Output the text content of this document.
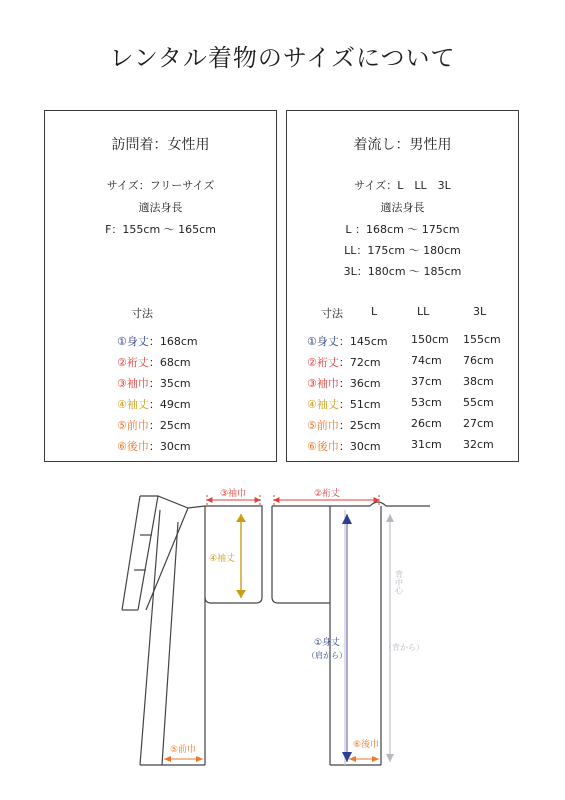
レンタル着物のサイズについて
訪問着：女性用
サイズ：フリーサイズ
適法身長
F：155cm 〜 165cm
寸法
①身丈：168cm
②裄丈：68cm
③袖巾：35cm
④袖丈：49cm
⑤前巾：25cm
⑥後巾：30cm
着流し：男性用
サイズ：L　LL　3L
適法身長
L ：168cm 〜 175cm
LL：175cm 〜 180cm
3L：180cm 〜 185cm
寸法	L	LL	3L
①身丈：145cm 150cm 155cm
②裄丈：72cm	74cm 76cm
③袖巾：36cm	37cm 38cm
④袖丈：51cm	53cm 55cm
⑤前巾：25cm	26cm 27cm
⑥後巾：30cm	31cm 32cm
③袖巾	②裄丈
④袖丈
①身丈
（肩から）
背中心
（背から）
⑤前巾	⑥後巾
